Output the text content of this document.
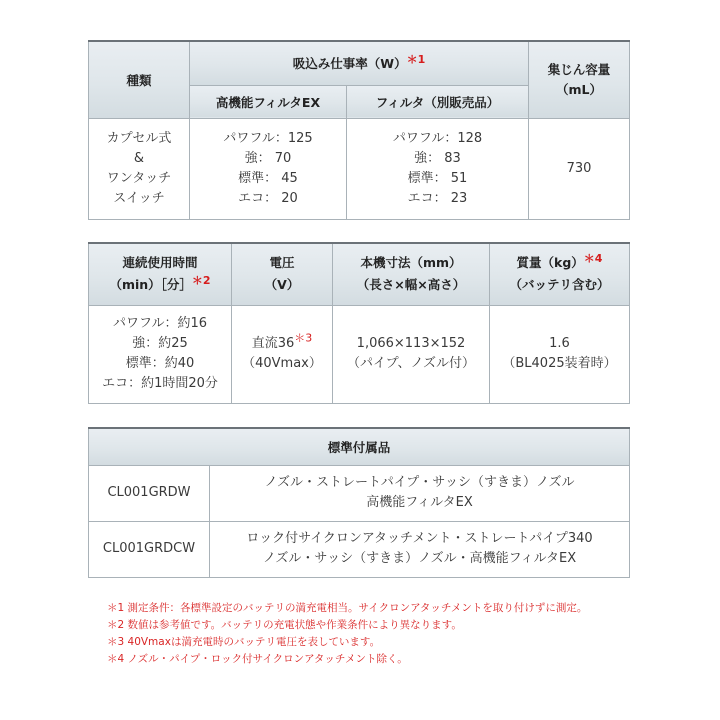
種類	吸込み仕事率（W）＊1		集じん容量
（mL）

	高機能フィルタEX	フィルタ（別販売品）	

カプセル式
&
ワンタッチ
スイッチ	パワフル：125
強： 70
標準： 45
エコ： 20	パワフル：128
強： 83
標準： 51
エコ： 23	730
連続使用時間
（min）［分］＊2	電圧
（V）	本機寸法（mm）
（長さ×幅×高さ）	質量（kg）＊4
（バッテリ含む）

パワフル：約16
強：約25
標準：約40
エコ：約1時間20分	直流$36^{*3}$
（40Vmax）	1,066×113×152
（パイプ、ノズル付）	1.6
（BL4025装着時）
標準付属品	
CL001GRDW	ノズル・ストレートパイプ・サッシ（すきま）ノズル
高機能フィルタEX

CL001GRDCW	ロック付サイクロンアタッチメント・ストレートパイプ340
ノズル・サッシ（すきま）ノズル・高機能フィルタEX
＊1 測定条件：各標準設定のバッテリの満充電相当。サイクロンアタッチメントを取り付けずに測定。
＊2 数値は参考値です。バッテリの充電状態や作業条件により異なります。
＊3 40Vmaxは満充電時のバッテリ電圧を表しています。
＊4 ノズル・パイプ・ロック付サイクロンアタッチメント除く。
